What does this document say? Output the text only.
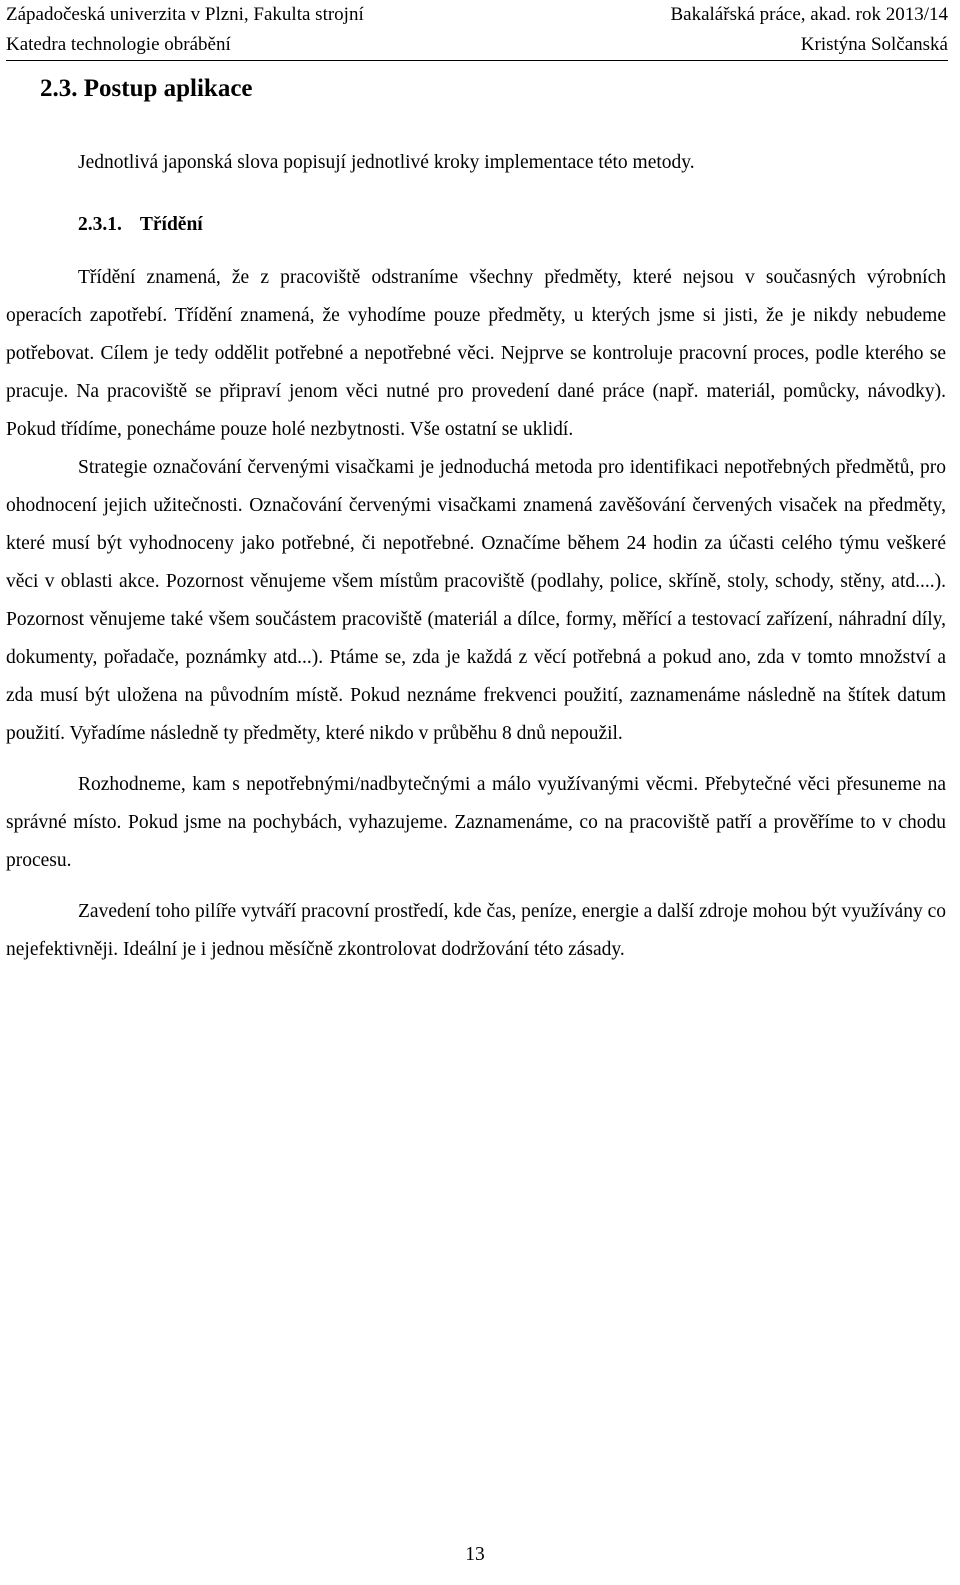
Západočeská univerzita v Plzni, Fakulta strojní	Bakalářská práce, akad. rok 2013/14
Katedra technologie obrábění	Kristýna Solčanská
2.3. Postup aplikace

Jednotlivá japonská slova popisují jednotlivé kroky implementace této metody.

2.3.1. Třídění

Třídění znamená, že z pracoviště odstraníme všechny předměty, které nejsou v současných výrobních operacích zapotřebí. Třídění znamená, že vyhodíme pouze předměty, u kterých jsme si jisti, že je nikdy nebudeme potřebovat. Cílem je tedy oddělit potřebné a nepotřebné věci. Nejprve se kontroluje pracovní proces, podle kterého se pracuje. Na pracoviště se připraví jenom věci nutné pro provedení dané práce (např. materiál, pomůcky, návodky). Pokud třídíme, ponecháme pouze holé nezbytnosti. Vše ostatní se uklidí.

Strategie označování červenými visačkami je jednoduchá metoda pro identifikaci nepotřebných předmětů, pro ohodnocení jejich užitečnosti. Označování červenými visačkami znamená zavěšování červených visaček na předměty, které musí být vyhodnoceny jako potřebné, či nepotřebné. Označíme během 24 hodin za účasti celého týmu veškeré věci v oblasti akce. Pozornost věnujeme všem místům pracoviště (podlahy, police, skříně, stoly, schody, stěny, atd....). Pozornost věnujeme také všem součástem pracoviště (materiál a dílce, formy, měřící a testovací zařízení, náhradní díly, dokumenty, pořadače, poznámky atd...). Ptáme se, zda je každá z věcí potřebná a pokud ano, zda v tomto množství a zda musí být uložena na původním místě. Pokud neznáme frekvenci použití, zaznamenáme následně na štítek datum použití. Vyřadíme následně ty předměty, které nikdo v průběhu 8 dnů nepoužil.

Rozhodneme, kam s nepotřebnými/nadbytečnými a málo využívanými věcmi. Přebytečné věci přesuneme na správné místo. Pokud jsme na pochybách, vyhazujeme. Zaznamenáme, co na pracoviště patří a prověříme to v chodu procesu.

Zavedení toho pilíře vytváří pracovní prostředí, kde čas, peníze, energie a další zdroje mohou být využívány co nejefektivněji. Ideální je i jednou měsíčně zkontrolovat dodržování této zásady.

13
